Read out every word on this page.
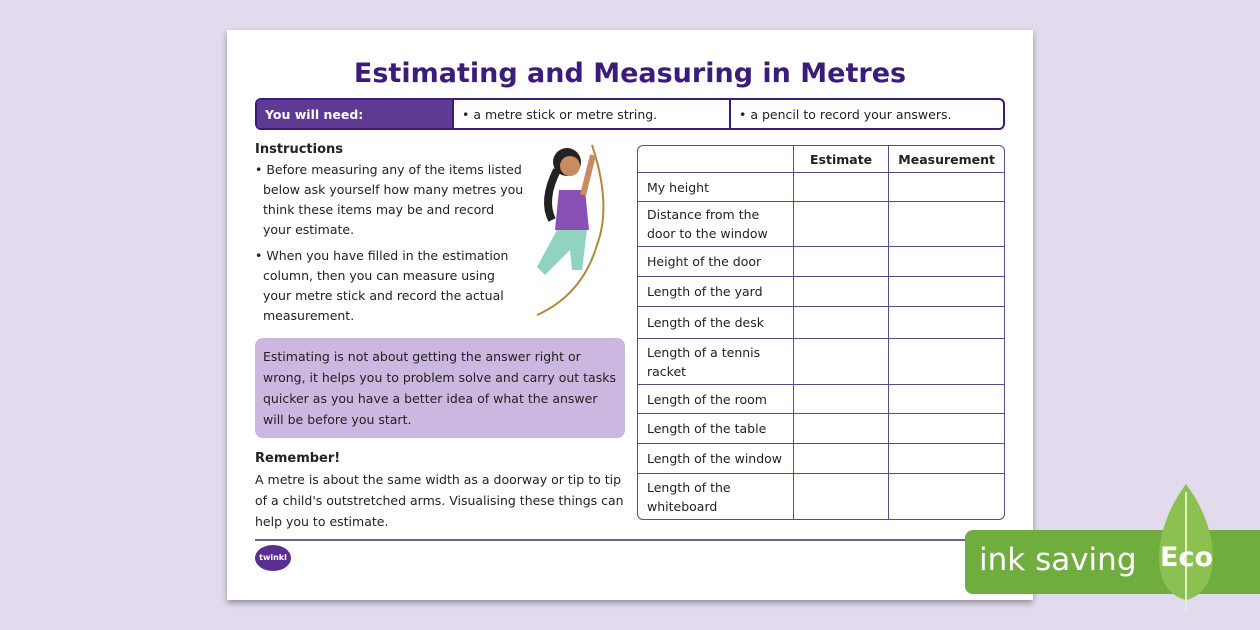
Estimating and Measuring in Metres
You will need:	• a metre stick or metre string.	• a pencil to record your answers.
Instructions

• Before measuring any of the items listed below ask yourself how many metres you think these items may be and record your estimate.

• When you have filled in the estimation column, then you can measure using your metre stick and record the actual measurement.

Estimating is not about getting the answer right or wrong, it helps you to problem solve and carry out tasks quicker as you have a better idea of what the answer will be before you start.
Remember!

A metre is about the same width as a doorway or tip to tip of a child's outstretched arms. Visualising these things can help you to estimate.

	Estimate	Measurement
My height		
Distance from the door to the window		
Height of the door		
Length of the yard		
Length of the desk		
Length of a tennis racket		
Length of the room		
Length of the table		
Length of the window		
Length of the whiteboard		
twinkl	ink saving Eco
